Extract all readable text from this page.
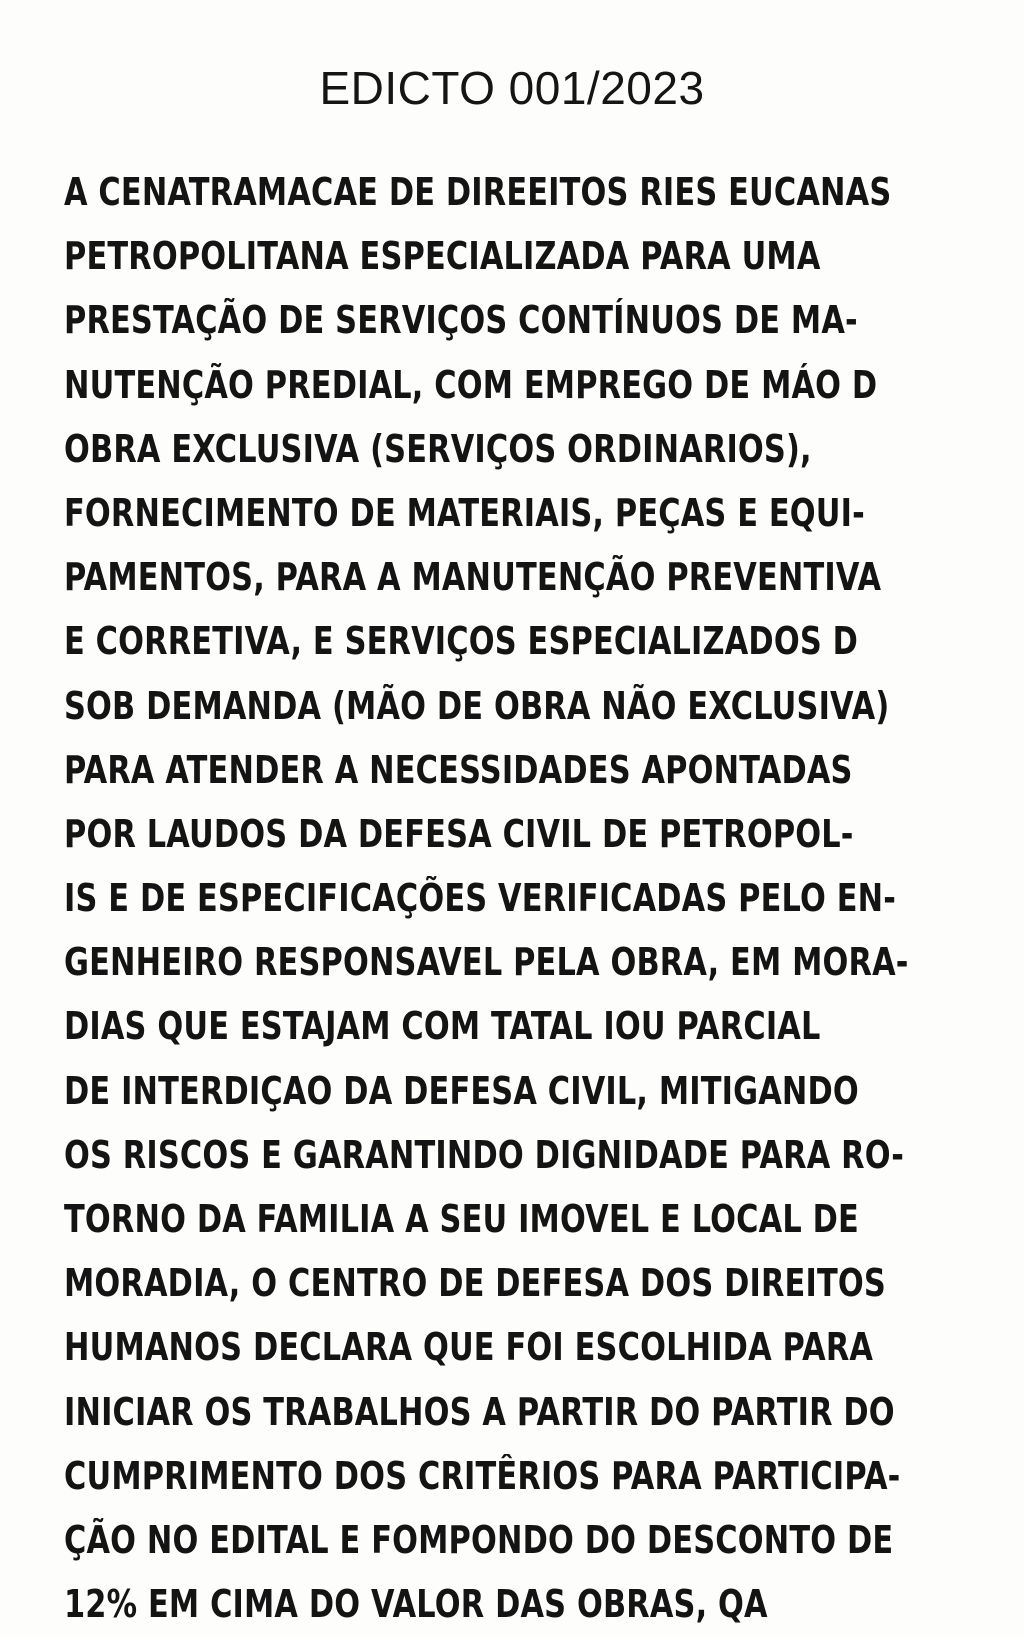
EDICTO 001/2023
A CENATRAMACAE DE DIREEITOS RIES EUCANAS
PETROPOLITANA ESPECIALIZADA PARA UMA
PRESTAÇÃO DE SERVIÇOS CONTÍNUOS DE MA-
NUTENÇÃO PREDIAL, COM EMPREGO DE MÁO D
OBRA EXCLUSIVA (SERVIÇOS ORDINARIOS),
FORNECIMENTO DE MATERIAIS, PEÇAS E EQUI-
PAMENTOS, PARA A MANUTENÇÃO PREVENTIVA
E CORRETIVA, E SERVIÇOS ESPECIALIZADOS D
SOB DEMANDA (MÃO DE OBRA NÃO EXCLUSIVA)
PARA ATENDER A NECESSIDADES APONTADAS
POR LAUDOS DA DEFESA CIVIL DE PETROPOL-
IS E DE ESPECIFICAÇÕES VERIFICADAS PELO EN-
GENHEIRO RESPONSAVEL PELA OBRA, EM MORA-
DIAS QUE ESTAJAM COM TATAL IOU PARCIAL
DE INTERDIÇAO DA DEFESA CIVIL, MITIGANDO
OS RISCOS E GARANTINDO DIGNIDADE PARA RO-
TORNO DA FAMILIA A SEU IMOVEL E LOCAL DE
MORADIA, O CENTRO DE DEFESA DOS DIREITOS
HUMANOS DECLARA QUE FOI ESCOLHIDA PARA
INICIAR OS TRABALHOS A PARTIR DO PARTIR DO
CUMPRIMENTO DOS CRITÊRIOS PARA PARTICIPA-
ÇÃO NO EDITAL E FOMPONDO DO DESCONTO DE
12% EM CIMA DO VALOR DAS OBRAS, QA
